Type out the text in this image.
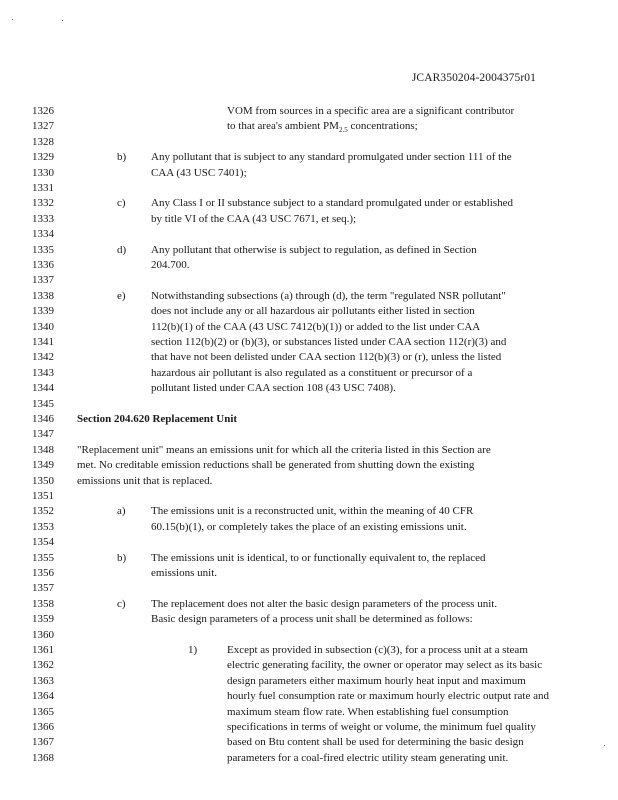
JCAR350204-2004375r01
1326
1327
1328
1329
1330
1331
1332
1333
1334
1335
1336
1337
1338
1339
1340
1341
1342
1343
1344
1345
1346
1347
1348
1349
1350
1351
1352
1353
1354
1355
1356
1357
1358
1359
1360
1361
1362
1363
1364
1365
1366
1367
1368
VOM from sources in a specific area are a significant contributor
to that area's ambient $PM_{2.5}$ concentrations;
b) Any pollutant that is subject to any standard promulgated under section 111 of the
CAA (43 USC 7401);
c) Any Class I or II substance subject to a standard promulgated under or established
by title VI of the CAA (43 USC 7671, et seq.);
d) Any pollutant that otherwise is subject to regulation, as defined in Section
204.700.
e) Notwithstanding subsections (a) through (d), the term "regulated NSR pollutant"
does not include any or all hazardous air pollutants either listed in section
112(b)(1) of the CAA (43 USC 7412(b)(1)) or added to the list under CAA
section 112(b)(2) or (b)(3), or substances listed under CAA section 112(r)(3) and
that have not been delisted under CAA section 112(b)(3) or (r), unless the listed
hazardous air pollutant is also regulated as a constituent or precursor of a
pollutant listed under CAA section 108 (43 USC 7408).
Section 204.620 Replacement Unit
"Replacement unit" means an emissions unit for which all the criteria listed in this Section are
met. No creditable emission reductions shall be generated from shutting down the existing
emissions unit that is replaced.
a) The emissions unit is a reconstructed unit, within the meaning of 40 CFR
60.15(b)(1), or completely takes the place of an existing emissions unit.
b) The emissions unit is identical, to or functionally equivalent to, the replaced
emissions unit.
c) The replacement does not alter the basic design parameters of the process unit.
Basic design parameters of a process unit shall be determined as follows:
1)	Except as provided in subsection (c)(3), for a process unit at a steam
electric generating facility, the owner or operator may select as its basic
design parameters either maximum hourly heat input and maximum
hourly fuel consumption rate or maximum hourly electric output rate and
maximum steam flow rate. When establishing fuel consumption
specifications in terms of weight or volume, the minimum fuel quality
based on Btu content shall be used for determining the basic design
parameters for a coal-fired electric utility steam generating unit.
